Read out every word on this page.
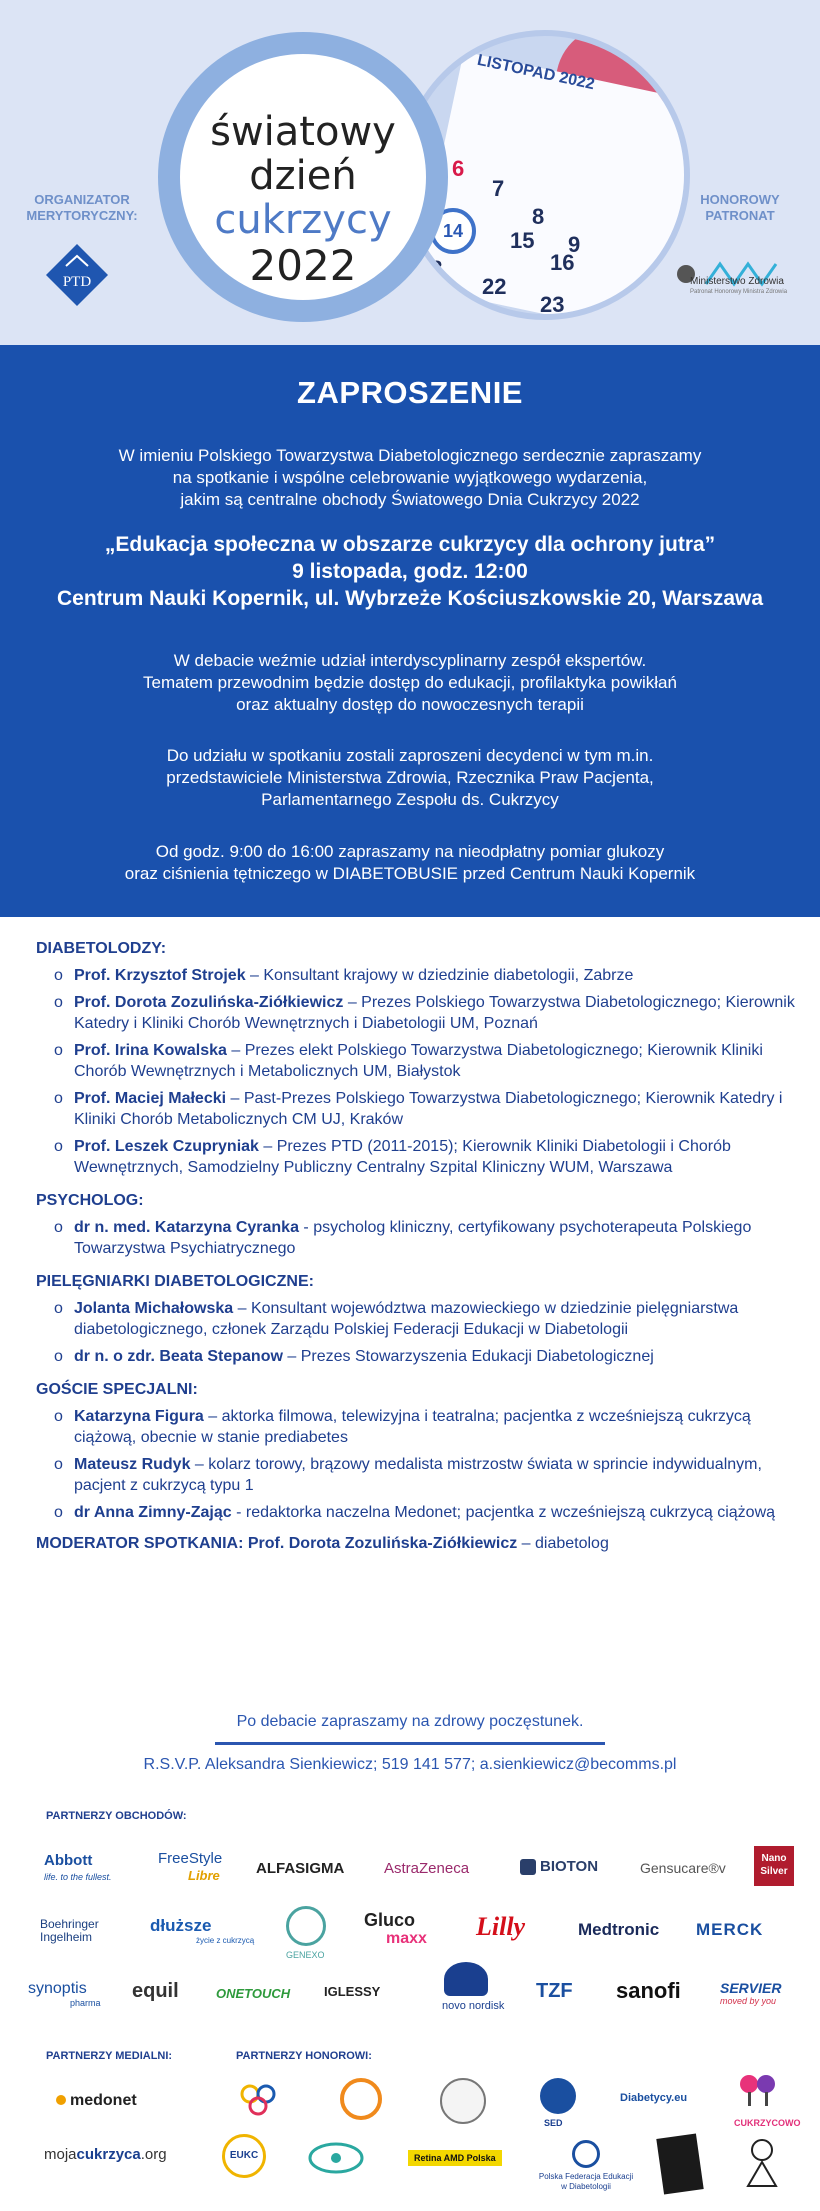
LISTOPAD 2022
6
7
8
9
15
16
22
23
28
29
14
światowy
dzień
cukrzycy
2022
ORGANIZATOR MERYTORYCZNY:
PTD
HONOROWY PATRONAT
Ministerstwo Zdrowia
Patronat Honorowy Ministra Zdrowia
ZAPROSZENIE
W imieniu Polskiego Towarzystwa Diabetologicznego serdecznie zapraszamy
na spotkanie i wspólne celebrowanie wyjątkowego wydarzenia,
jakim są centralne obchody Światowego Dnia Cukrzycy 2022
„Edukacja społeczna w obszarze cukrzycy dla ochrony jutra”
9 listopada, godz. 12:00
Centrum Nauki Kopernik, ul. Wybrzeże Kościuszkowskie 20, Warszawa
W debacie weźmie udział interdyscyplinarny zespół ekspertów.
Tematem przewodnim będzie dostęp do edukacji, profilaktyka powikłań
oraz aktualny dostęp do nowoczesnych terapii
Do udziału w spotkaniu zostali zaproszeni decydenci w tym m.in.
przedstawiciele Ministerstwa Zdrowia, Rzecznika Praw Pacjenta,
Parlamentarnego Zespołu ds. Cukrzycy
Od godz. 9:00 do 16:00 zapraszamy na nieodpłatny pomiar glukozy
oraz ciśnienia tętniczego w DIABETOBUSIE przed Centrum Nauki Kopernik
DIABETOLODZY:
o Prof. Krzysztof Strojek – Konsultant krajowy w dziedzinie diabetologii, Zabrze
o Prof. Dorota Zozulińska-Ziółkiewicz – Prezes Polskiego Towarzystwa Diabetologicznego; Kierownik Katedry i Kliniki Chorób Wewnętrznych i Diabetologii UM, Poznań
o Prof. Irina Kowalska – Prezes elekt Polskiego Towarzystwa Diabetologicznego; Kierownik Kliniki Chorób Wewnętrznych i Metabolicznych UM, Białystok
o Prof. Maciej Małecki – Past-Prezes Polskiego Towarzystwa Diabetologicznego; Kierownik Katedry i Kliniki Chorób Metabolicznych CM UJ, Kraków
o Prof. Leszek Czupryniak – Prezes PTD (2011-2015); Kierownik Kliniki Diabetologii i Chorób Wewnętrznych, Samodzielny Publiczny Centralny Szpital Kliniczny WUM, Warszawa
PSYCHOLOG:
o dr n. med. Katarzyna Cyranka - psycholog kliniczny, certyfikowany psychoterapeuta Polskiego Towarzystwa Psychiatrycznego
PIELĘGNIARKI DIABETOLOGICZNE:
o Jolanta Michałowska – Konsultant województwa mazowieckiego w dziedzinie pielęgniarstwa diabetologicznego, członek Zarządu Polskiej Federacji Edukacji w Diabetologii
o dr n. o zdr. Beata Stepanow – Prezes Stowarzyszenia Edukacji Diabetologicznej
GOŚCIE SPECJALNI:
o Katarzyna Figura – aktorka filmowa, telewizyjna i teatralna; pacjentka z wcześniejszą cukrzycą ciążową, obecnie w stanie prediabetes
o Mateusz Rudyk – kolarz torowy, brązowy medalista mistrzostw świata w sprincie indywidualnym, pacjent z cukrzycą typu 1
o dr Anna Zimny-Zając - redaktorka naczelna Medonet; pacjentka z wcześniejszą cukrzycą ciążową
MODERATOR SPOTKANIA: Prof. Dorota Zozulińska-Ziółkiewicz – diabetolog
Po debacie zapraszamy na zdrowy poczęstunek.
R.S.V.P. Aleksandra Sienkiewicz; 519 141 577; a.sienkiewicz@becomms.pl
PARTNERZY OBCHODÓW:
Abbott
life. to the fullest.
FreeStyle
Libre ALFASIGMA	AstraZeneca	BIOTON	Gensucare®v
Nano
Silver
Boehringer
Ingelheim
dłuższe
życie z cukrzycą
GENEXO
Gluco
maxx Lilly	Medtronic MERCK
synoptis
pharma
equil	ONETOUCH	IGLESSY
novo nordisk
TZF sanofi	SERVIER
moved by you
PARTNERZY MEDIALNI:	PARTNERZY HONOROWI:
medonet
mojacukrzyca.org
SED
Diabetycy.eu
CUKRZYCOWO
EUKC	Retina AMD Polska
Polska Federacja Edukacji w Diabetologii
